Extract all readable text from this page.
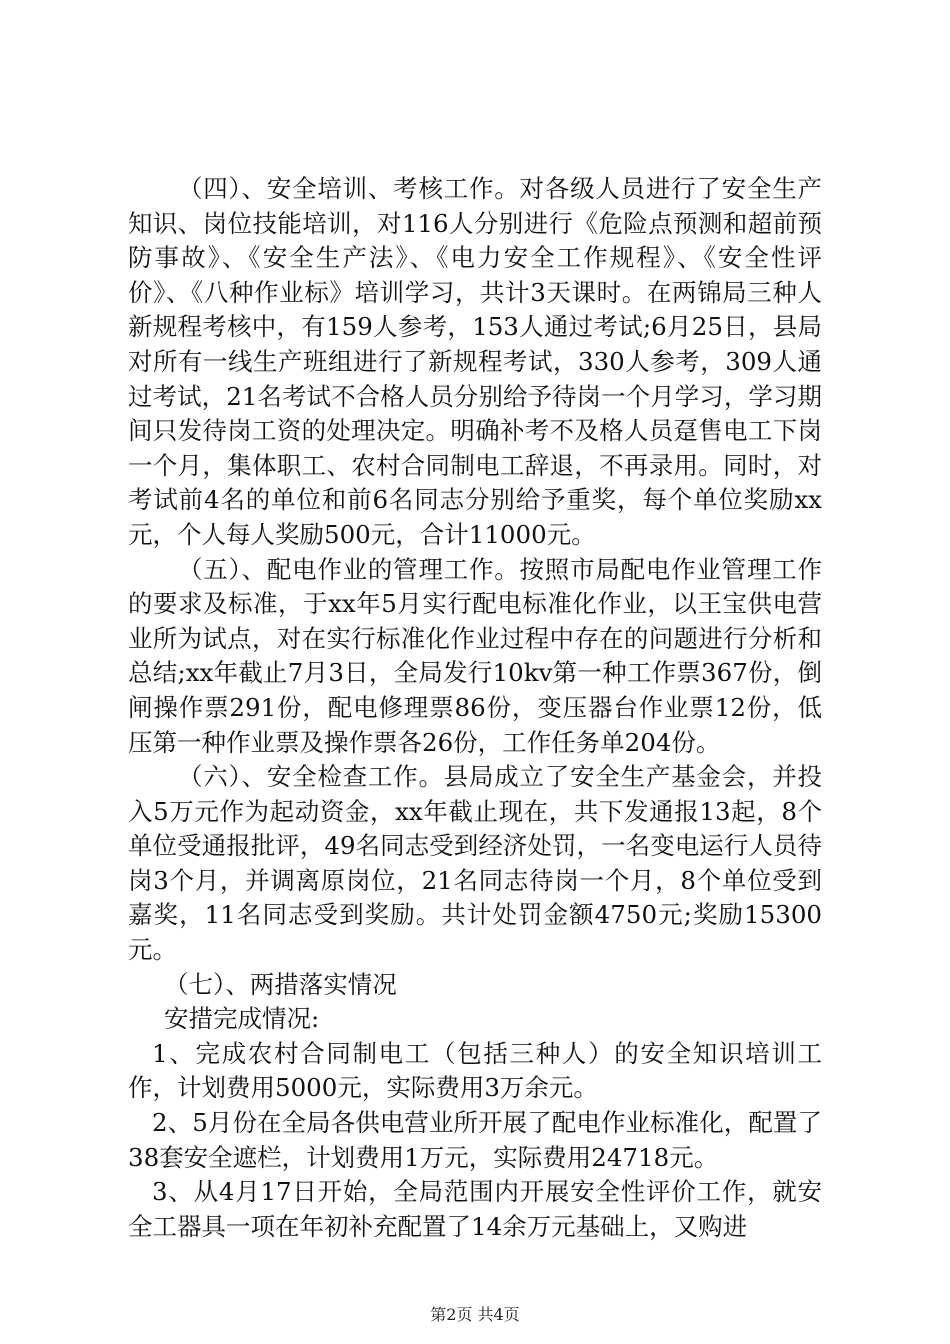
（四）、安全培训、考核工作。对各级人员进行了安全生产知识、岗位技能培训，对116人分别进行《危险点预测和超前预防事故》、《安全生产法》、《电力安全工作规程》、《安全性评价》、《八种作业标》培训学习，共计3天课时。在两锦局三种人新规程考核中，有159人参考，153人通过考试;6月25日，县局对所有一线生产班组进行了新规程考试，330人参考，309人通过考试，21名考试不合格人员分别给予待岗一个月学习，学习期间只发待岗工资的处理决定。明确补考不及格人员趸售电工下岗一个月，集体职工、农村合同制电工辞退，不再录用。同时，对考试前4名的单位和前6名同志分别给予重奖，每个单位奖励xx元，个人每人奖励500元，合计11000元。

（五）、配电作业的管理工作。按照市局配电作业管理工作的要求及标准，于xx年5月实行配电标准化作业，以王宝供电营业所为试点，对在实行标准化作业过程中存在的问题进行分析和总结;xx年截止7月3日，全局发行10kv第一种工作票367份，倒闸操作票291份，配电修理票86份，变压器台作业票12份，低压第一种作业票及操作票各26份，工作任务单204份。

（六）、安全检查工作。县局成立了安全生产基金会，并投入5万元作为起动资金，xx年截止现在，共下发通报13起，8个单位受通报批评，49名同志受到经济处罚，一名变电运行人员待岗3个月，并调离原岗位，21名同志待岗一个月，8个单位受到嘉奖，11名同志受到奖励。共计处罚金额4750元;奖励15300元。

（七）、两措落实情况

安措完成情况:

1、完成农村合同制电工（包括三种人）的安全知识培训工作，计划费用5000元，实际费用3万余元。

2、5月份在全局各供电营业所开展了配电作业标准化，配置了38套安全遮栏，计划费用1万元，实际费用24718元。

3、从4月17日开始，全局范围内开展安全性评价工作，就安全工器具一项在年初补充配置了14余万元基础上，又购进

第2页 共4页
